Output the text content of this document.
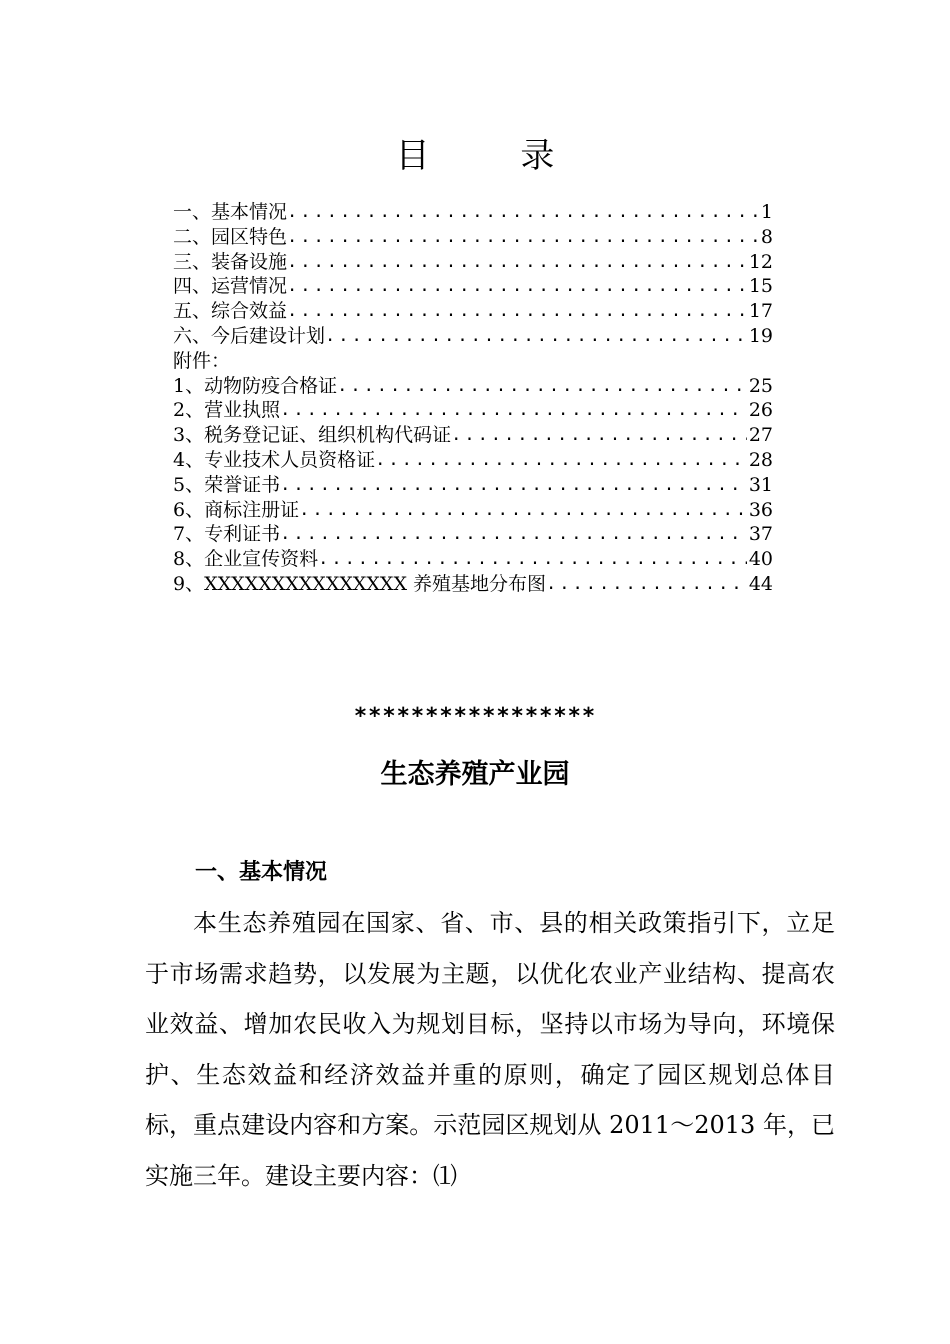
目 录
一、基本情况 .....	1
二、园区特色 .....	8
三、装备设施 .....	12
四、运营情况 .....	15
五、综合效益 .....	17
六、今后建设计划 .....	19
附件：
1、动物防疫合格证 .....	25
2、营业执照 .....	26
3、税务登记证、组织机构代码证 .....	27
4、专业技术人员资格证 .....	28
5、荣誉证书 .....	31
6、商标注册证 .....	36
7、专利证书 .....	37
8、企业宣传资料 .....	40
9、XXXXXXXXXXXXXXX 养殖基地分布图 .....	44
*****************
生态养殖产业园
一、基本情况
本生态养殖园在国家、省、市、县的相关政策指引下，立足于市场需求趋势，以发展为主题，以优化农业产业结构、提高农业效益、增加农民收入为规划目标，坚持以市场为导向，环境保护、生态效益和经济效益并重的原则，确定了园区规划总体目标，重点建设内容和方案。示范园区规划从 2011～2013 年，已实施三年。建设主要内容：⑴
